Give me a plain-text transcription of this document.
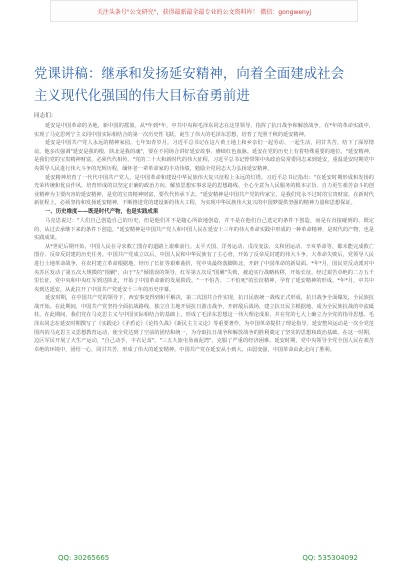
关注头条号"公文研究"，获得最新最全最专业的公文资料库！ 微信：gongwenyj

党课讲稿：继承和发扬延安精神，向着全面建成社会

主义现代化强国的伟大目标奋勇前进

同志们：

延安是中国革命的圣地，新中国的摇篮。从*年到*年，中共中央和毛泽东同志在这里领导、指挥了抗日战争和解放战争。在*年的革命实践中，实现了马克思列宁主义同中国实际相结合的第一次历史性飞跃，诞生了伟大的毛泽东思想，培育了光照千秋的延安精神。

延安是中国共产党人永远的精神家园。七年知青岁月，习近平总书记在这片黄土地上和乡亲们一起劳动、一起生活，同甘共苦，结下了深厚情谊。他多次强调"延安是我的根，陕北是我的魂"，要在不同场合讲好延安故事，赓续红色血脉。延安在党的历史上有着特殊重要的地位。"延安精神，是我们党的宝贵精神财富，必须代代相传。"党的二十大和新时代的伟大征程，习近平总书记曾带领中央政治局常委同志来到延安，重温延安时期党中央领导人民进行伟大斗争的光辉历程，缅怀老一辈革命家的丰功伟绩，勉励全党同志大力弘扬延安精神。

延安精神培育了一代代中国共产党人，是中国革命和建设中华民族伟大复兴征程上永远的灯塔。习近平总书记指出："在延安时期形成和发扬的光荣传统和优良作风，培育形成的以坚定正确的政治方向、解放思想实事求是的思想路线、全心全意为人民服务的根本宗旨、自力更生艰苦奋斗的创业精神为主要内容的延安精神，是党的宝贵精神财富，要代代传承下去。"延安精神是中国共产党的传家宝，是我们党永不过时的宝贵财富，在新时代新征程上，必须坚持和发扬延安精神，不断推进党的建设新的伟大工程，为实现中华民族伟大复兴的中国梦提供坚强的精神力量和思想保证。

一、历史维度——既是时代产物，也是实践成果

马克思说过："人们自己创造自己的历史，但是他们并不是随心所欲地创造，并不是在他们自己选定的条件下创造，而是在直接碰到的、既定的、从过去承继下来的条件下创造。"延安精神是中国共产党人和中国人民在延安十三年的伟大革命实践中形成的一种革命精神，是时代的产物，也是实践成果。

从*世纪后期开始，中国人民在寻求救亡图存的道路上艰难前行。太平天国、洋务运动、戊戌变法、义和团运动、辛亥革命等，都未能完成救亡图存、反帝反封建的历史任务。中国共产党成立以后，中国人民和中华民族有了主心骨，开始了反帝反封建的伟大斗争。大革命失败后，党领导人民进行土地革命战争，在农村建立革命根据地，经历了长征等艰难曲折，党中央最终落脚陕北，开辟了中国革命的新局面。*年*月，国民党反动派对中央苏区发动了第五次大规模的"围剿"，由于"左"倾错误的领导，红军第五次反"围剿"失败，被迫实行战略转移，开始长征。经过艰苦卓绝的二万五千里长征，党中央和中央红军到达陕北，开始了中国革命新的发展阶段。"一不怕苦、二不怕死"的长征精神，孕育了延安精神的形成。*年*月，中共中央到达延安，从此拉开了中国共产党延安十三年的历史序幕。

延安时期，在中国共产党的领导下，西安事变得到和平解决，第二次国共合作实现，抗日民族统一战线正式形成，抗日战争全面爆发，全民族抗战开始。在此期间，中国共产党坚持全面抗战路线，独立自主地开展抗日游击战争，开辟敌后战场，建立抗日民主根据地，成为全民族抗战的中流砥柱。在此期间，我们党在马克思主义与中国实际相结合的基础上，形成了毛泽东思想这一伟大理论成果，并在党的七大上确立为全党的指导思想。毛泽东同志在延安时期撰写了《实践论》《矛盾论》《论持久战》《新民主主义论》等重要著作，为中国革命提供了理论指导。延安整风运动是一次全党范围内的马克思主义思想教育运动，使全党达到了空前的团结和统一，为夺取抗日战争和解放战争的胜利奠定了坚实的思想和政治基础。在这一时期，边区军民开展了大生产运动，"自己动手，丰衣足食"，"三五九旅屯垦南泥湾"，克服了严重的经济困难。延安时期，党中央领导全党全国人民在艰苦卓绝的环境中，团结一心，同甘共苦，形成了伟大的延安精神。中国共产党在延安从小到大、由弱变强，中国革命由此走向了胜利。

QQ: 30265665	QQ: 535304092
